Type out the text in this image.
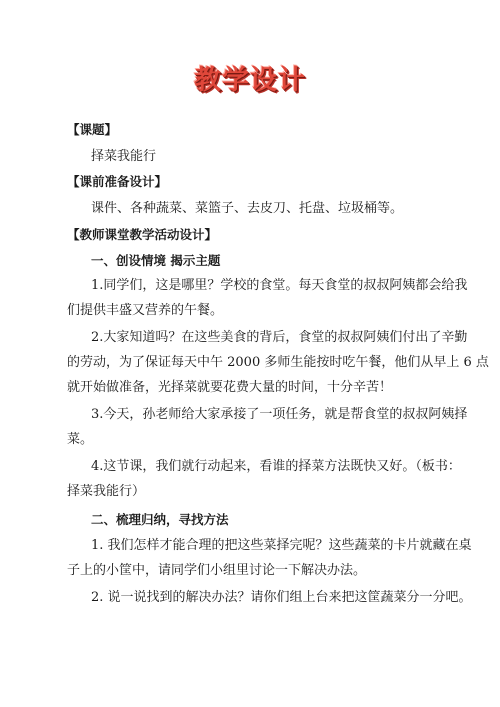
教学设计
【课题】
择菜我能行
【课前准备设计】
课件、各种蔬菜、菜篮子、去皮刀、托盘、垃圾桶等。
【教师课堂教学活动设计】
一、创设情境 揭示主题
1.同学们，这是哪里？学校的食堂。每天食堂的叔叔阿姨都会给我
们提供丰盛又营养的午餐。
2.大家知道吗？在这些美食的背后，食堂的叔叔阿姨们付出了辛勤
的劳动，为了保证每天中午 2000 多师生能按时吃午餐，他们从早上 6 点
就开始做准备，光择菜就要花费大量的时间，十分辛苦！
3.今天，孙老师给大家承接了一项任务，就是帮食堂的叔叔阿姨择
菜。
4.这节课，我们就行动起来，看谁的择菜方法既快又好。（板书：
择菜我能行）
二、梳理归纳，寻找方法
1. 我们怎样才能合理的把这些菜择完呢？这些蔬菜的卡片就藏在桌
子上的小筐中，请同学们小组里讨论一下解决办法。
2. 说一说找到的解决办法？请你们组上台来把这筐蔬菜分一分吧。
